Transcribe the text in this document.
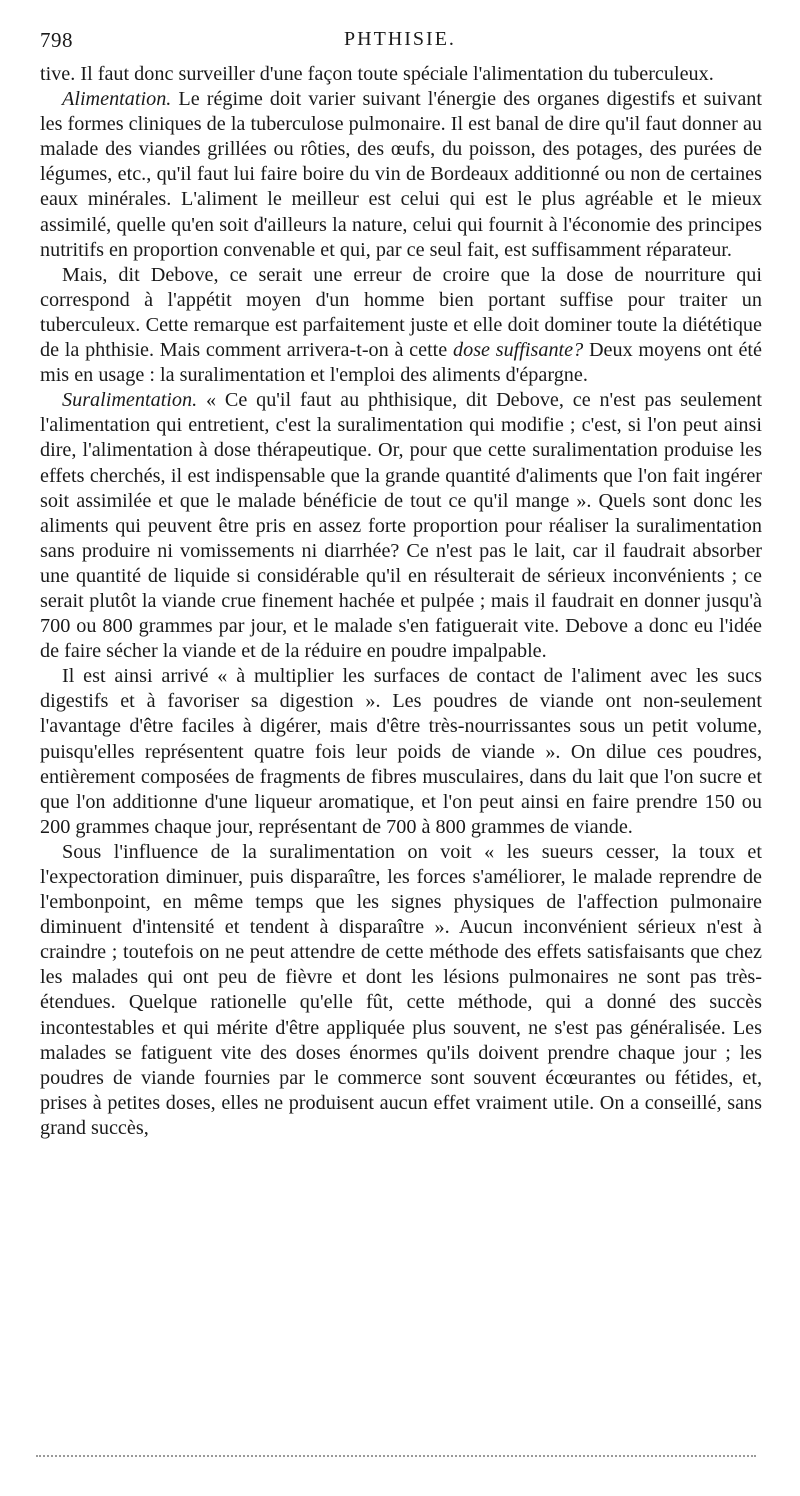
798	PHTHISIE.

tive. Il faut donc surveiller d'une façon toute spéciale l'alimentation du tuberculeux.

Alimentation. Le régime doit varier suivant l'énergie des organes digestifs et suivant les formes cliniques de la tuberculose pulmonaire. Il est banal de dire qu'il faut donner au malade des viandes grillées ou rôties, des œufs, du poisson, des potages, des purées de légumes, etc., qu'il faut lui faire boire du vin de Bordeaux additionné ou non de certaines eaux minérales. L'aliment le meilleur est celui qui est le plus agréable et le mieux assimilé, quelle qu'en soit d'ailleurs la nature, celui qui fournit à l'économie des principes nutritifs en proportion convenable et qui, par ce seul fait, est suffisamment réparateur.

Mais, dit Debove, ce serait une erreur de croire que la dose de nourriture qui correspond à l'appétit moyen d'un homme bien portant suffise pour traiter un tuberculeux. Cette remarque est parfaitement juste et elle doit dominer toute la diététique de la phthisie. Mais comment arrivera-t-on à cette dose suffisante? Deux moyens ont été mis en usage : la suralimentation et l'emploi des aliments d'épargne.

Suralimentation. « Ce qu'il faut au phthisique, dit Debove, ce n'est pas seulement l'alimentation qui entretient, c'est la suralimentation qui modifie ; c'est, si l'on peut ainsi dire, l'alimentation à dose thérapeutique. Or, pour que cette suralimentation produise les effets cherchés, il est indispensable que la grande quantité d'aliments que l'on fait ingérer soit assimilée et que le malade bénéficie de tout ce qu'il mange ». Quels sont donc les aliments qui peuvent être pris en assez forte proportion pour réaliser la suralimentation sans produire ni vomissements ni diarrhée? Ce n'est pas le lait, car il faudrait absorber une quantité de liquide si considérable qu'il en résulterait de sérieux inconvénients ; ce serait plutôt la viande crue finement hachée et pulpée ; mais il faudrait en donner jusqu'à 700 ou 800 grammes par jour, et le malade s'en fatiguerait vite. Debove a donc eu l'idée de faire sécher la viande et de la réduire en poudre impalpable.

Il est ainsi arrivé « à multiplier les surfaces de contact de l'aliment avec les sucs digestifs et à favoriser sa digestion ». Les poudres de viande ont non-seulement l'avantage d'être faciles à digérer, mais d'être très-nourrissantes sous un petit volume, puisqu'elles représentent quatre fois leur poids de viande ». On dilue ces poudres, entièrement composées de fragments de fibres musculaires, dans du lait que l'on sucre et que l'on additionne d'une liqueur aromatique, et l'on peut ainsi en faire prendre 150 ou 200 grammes chaque jour, représentant de 700 à 800 grammes de viande.

Sous l'influence de la suralimentation on voit « les sueurs cesser, la toux et l'expectoration diminuer, puis disparaître, les forces s'améliorer, le malade reprendre de l'embonpoint, en même temps que les signes physiques de l'affection pulmonaire diminuent d'intensité et tendent à disparaître ». Aucun inconvénient sérieux n'est à craindre ; toutefois on ne peut attendre de cette méthode des effets satisfaisants que chez les malades qui ont peu de fièvre et dont les lésions pulmonaires ne sont pas très-étendues. Quelque rationelle qu'elle fût, cette méthode, qui a donné des succès incontestables et qui mérite d'être appliquée plus souvent, ne s'est pas généralisée. Les malades se fatiguent vite des doses énormes qu'ils doivent prendre chaque jour ; les poudres de viande fournies par le commerce sont souvent écœurantes ou fétides, et, prises à petites doses, elles ne produisent aucun effet vraiment utile. On a conseillé, sans grand succès,
